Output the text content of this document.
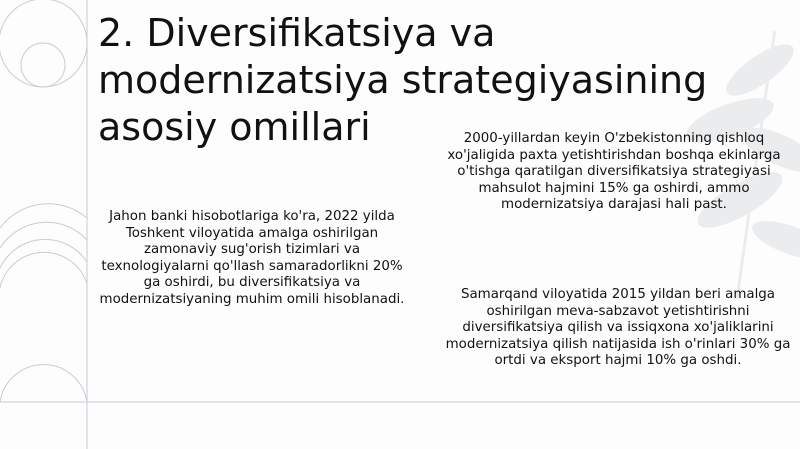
2. Diversifikatsiya va modernizatsiya strategiyasining asosiy omillari	2000-yillardan keyin O'zbekistonning qishloq xo'jaligida paxta yetishtirishdan boshqa ekinlarga o'tishga qaratilgan diversifikatsiya strategiyasi mahsulot hajmini 15% ga oshirdi, ammo modernizatsiya darajasi hali past.

Jahon banki hisobotlariga ko'ra, 2022 yilda Toshkent viloyatida amalga oshirilgan zamonaviy sug'orish tizimlari va texnologiyalarni qo'llash samaradorlikni 20% ga oshirdi, bu diversifikatsiya va modernizatsiyaning muhim omili hisoblanadi.	Samarqand viloyatida 2015 yildan beri amalga oshirilgan meva-sabzavot yetishtirishni diversifikatsiya qilish va issiqxona xo'jaliklarini modernizatsiya qilish natijasida ish o'rinlari 30% ga ortdi va eksport hajmi 10% ga oshdi.
